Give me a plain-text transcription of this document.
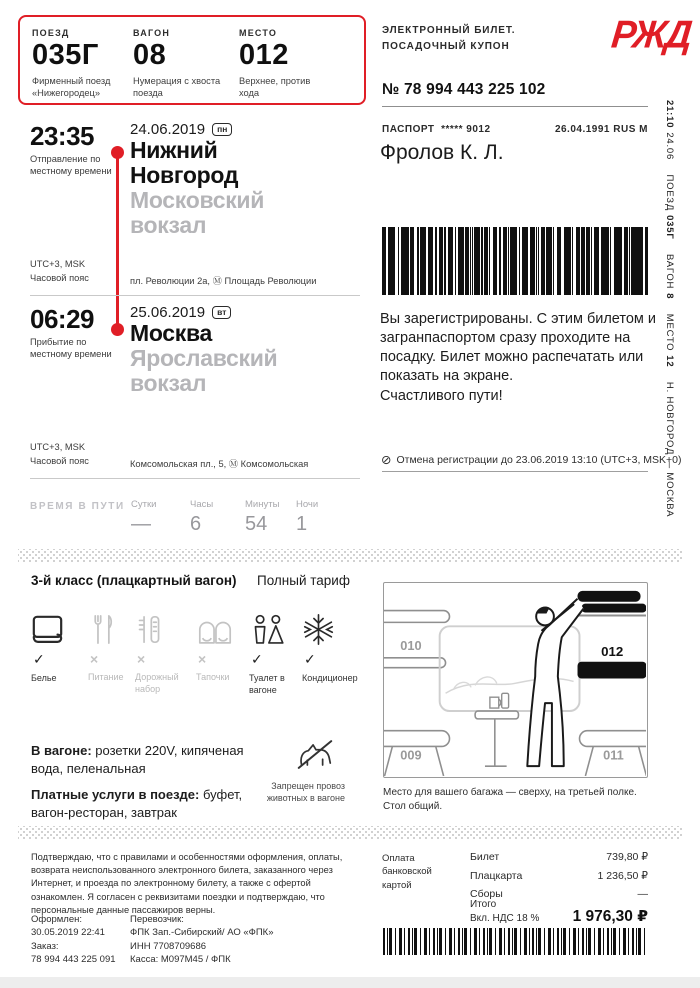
ПОЕЗД
035Г
Фирменный поезд «Нижегородец»
ВАГОН
08
Нумерация с хвоста поезда
МЕСТО
012
Верхнее, против хода
ЭЛЕКТРОННЫЙ БИЛЕТ.
ПОСАДОЧНЫЙ КУПОН	РЖД
№ 78 994 443 225 102
21:1024.06 ПОЕЗД035Г ВАГОН8 МЕСТО12 Н. НОВГОРОД — МОСКВА
23:35
Отправление по местному времени
24.06.2019 пн
Нижний Новгород
Московский вокзал
UTC+3, MSK
Часовой пояс	пл. Революции 2а, Ⓜ Площадь Революции
06:29
Прибытие по местному времени
25.06.2019 вт
Москва
Ярославский вокзал
UTC+3, MSK
Часовой пояс	Комсомольская пл., 5, Ⓜ Комсомольская
ВРЕМЯ В ПУТИ Сутки
—
Часы
6
Минуты
54
Ночи
1
ПАСПОРТ ***** 9012	26.04.1991 RUS M
Фролов К. Л.
Вы зарегистрированы. С этим билетом и загранпаспортом сразу проходите на посадку. Билет можно распечатать или показать на экране.
Счастливого пути!
⊘ Отмена регистрации до 23.06.2019 13:10 (UTC+3, MSK+0)
3-й класс (плацкартный вагон) Полный тариф
✓
Белье
×
Питание
×
Дорожный набор
×
Тапочки
✓
Туалет в вагоне
✓
Кондиционер
В вагоне: розетки 220V, кипяченая вода, пеленальная
Платные услуги в поезде: буфет, вагон-ресторан, завтрак
Запрещен провоз животных в вагоне
010	012
009	011
Место для вашего багажа — сверху, на третьей полке.
Стол общий.
Подтверждаю, что с правилами и особенностями оформления, оплаты, возврата неиспользованного электронного билета, заказанного через Интернет, и проезда по электронному билету, а также с офертой ознакомлен. Я согласен с реквизитами поездки и подтверждаю, что персональные данные пассажиров верны.
Оформлен:
30.05.2019 22:41
Заказ:
78 994 443 225 091
Перевозчик:
ФПК Зап.-Сибирский/ АО «ФПК»
ИНН 7708709686
Касса: М097М45 / ФПК
Оплата банковской картой
Билет	739,80 ₽
Плацкарта	1 236,50 ₽
Сборы	—
Итого
Вкл. НДС 18 % 1 976,30 ₽
